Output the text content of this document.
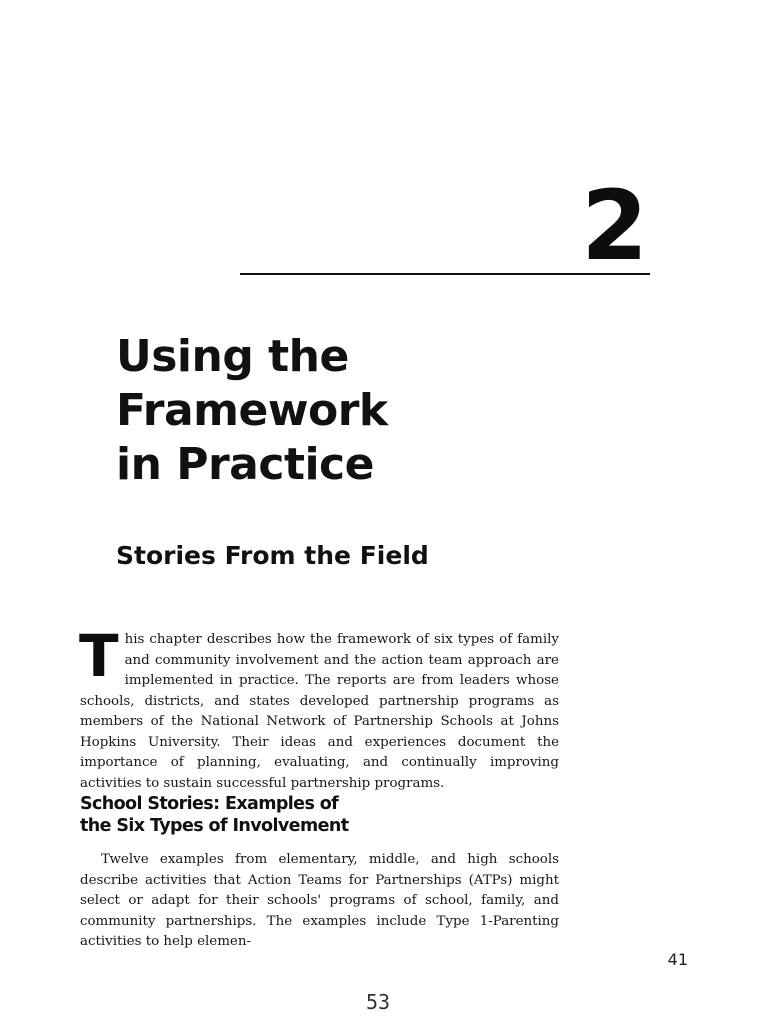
2
Using the
Framework
in Practice
Stories From the Field

This chapter describes how the framework of six types of family and community involvement and the action team approach are implemented in practice. The reports are from leaders whose schools, districts, and states developed partnership programs as members of the National Network of Partnership Schools at Johns Hopkins University. Their ideas and experiences document the importance of planning, evaluating, and continually improving activities to sustain successful partnership programs.

School Stories: Examples of
the Six Types of Involvement

Twelve examples from elementary, middle, and high schools describe activities that Action Teams for Partnerships (ATPs) might select or adapt for their schools' programs of school, family, and community partnerships. The examples include Type 1-Parenting activities to help elemen-

41
53
